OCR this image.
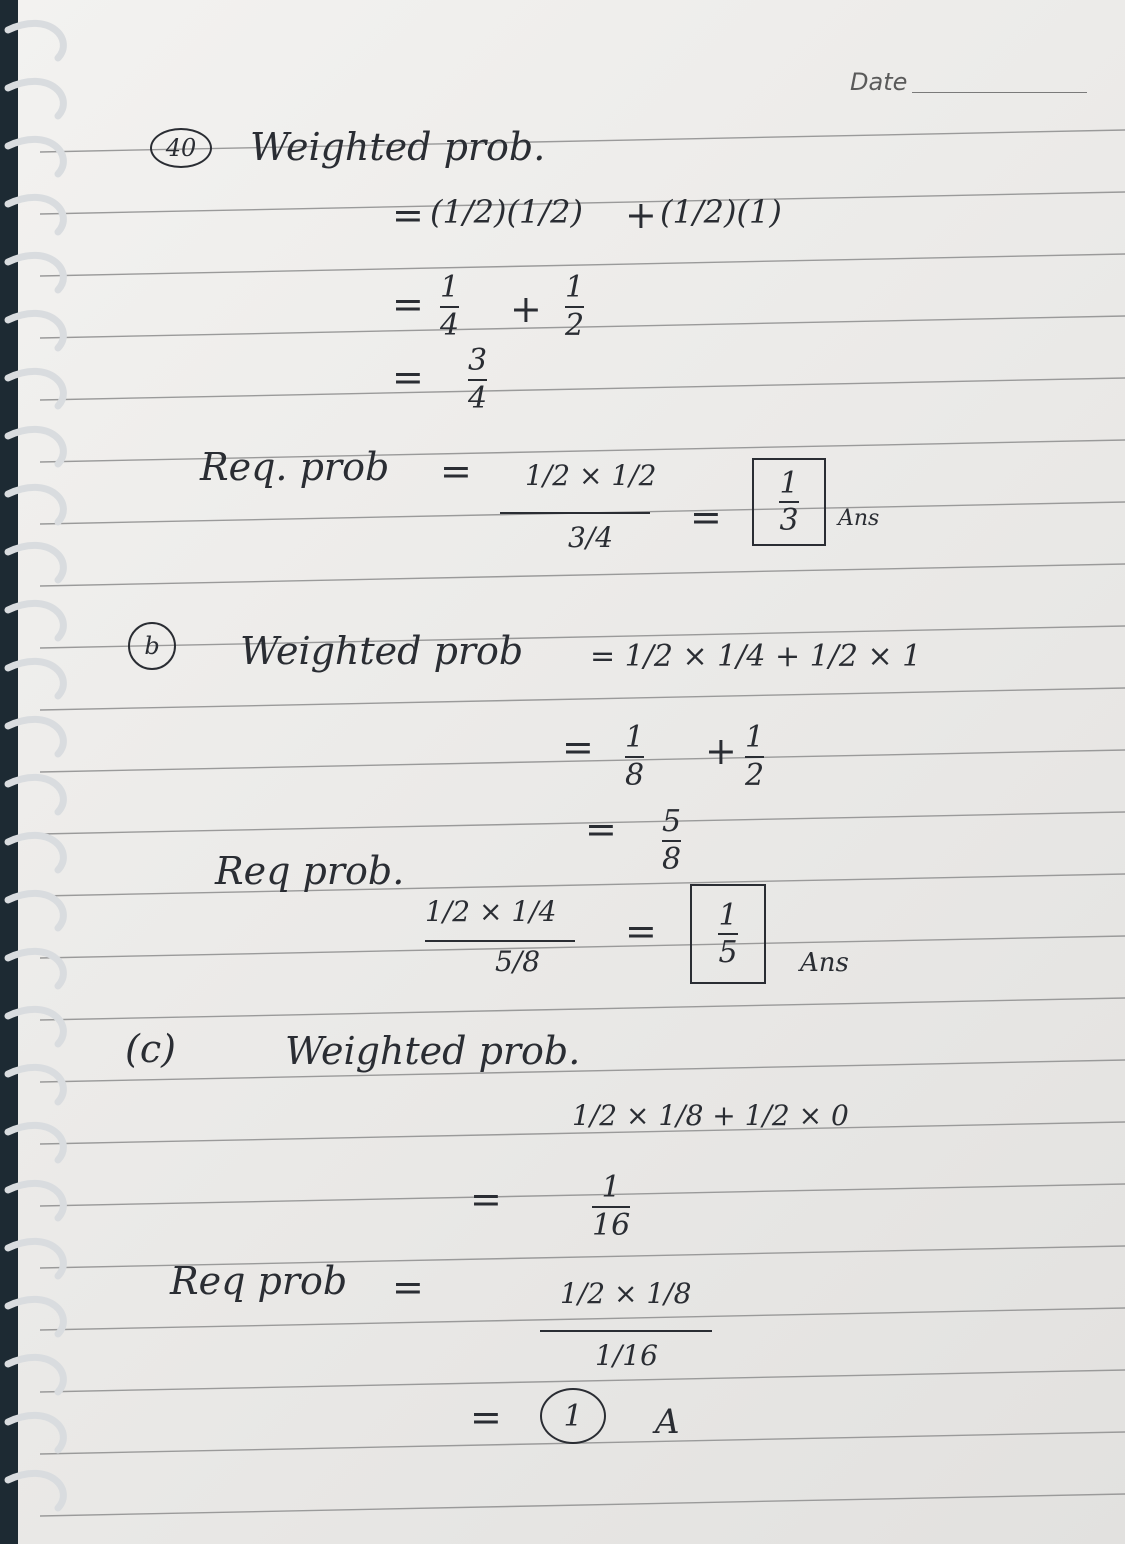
Date
40 Weighted prob.
= (1/2)(1/2) + (1/2)(1)
= 1
4 + 1
2
= 3
4
Req. prob = 1/2 × 1/2
$3/4 = \frac{1}{3}$ Ans
b Weighted prob = 1/2 × 1/4 + 1/2 × 1
= 1
8
+ 1
2
= 5
8
Req prob.
1/2 × 1/4
5/8
= $\frac{1}{5}$ Ans
(c)	Weighted prob.
1/2 × 1/8 + 1/2 × 0
=	1
16
Req prob =	1/2 × 1/8
1/16
= 1 A
